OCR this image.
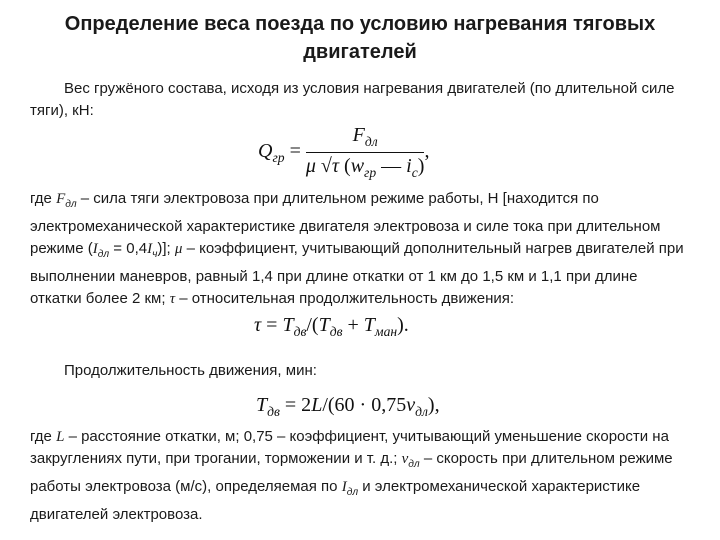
Определение веса поезда по условию нагревания тяговых двигателей

Вес гружёного состава, исходя из условия нагревания двигателей (по длительной силе тяги), кН:

$Q_{гр} = \frac{F_{дл}}{\mu √\tau (w_{гр} — i_c)}$ ,

где $F_{дл}$ – сила тяги электровоза при длительном режиме работы, Н [находится по электромеханической характеристике двигателя электровоза и силе тока при длительном режиме $(I_{дл} = 0,4I_ч)$]; μ – коэффициент, учитывающий дополнительный нагрев двигателей при выполнении маневров, равный 1,4 при длине откатки от 1 км до 1,5 км и 1,1 при длине откатки более 2 км; τ – относительная продолжительность движения:

$\tau = T_{дв}/(T_{дв} + T_{ман})$.

Продолжительность движения, мин:

$T_{дв} = 2L/(60 \cdot 0,75v_{дл})$,

где L – расстояние откатки, м; 0,75 – коэффициент, учитывающий уменьшение скорости на закруглениях пути, при трогании, торможении и т. д.; $v_{дл}$ – скорость при длительном режиме работы электровоза (м/с), определяемая по $I_{дл}$ и электромеханической характеристике двигателей электровоза.
